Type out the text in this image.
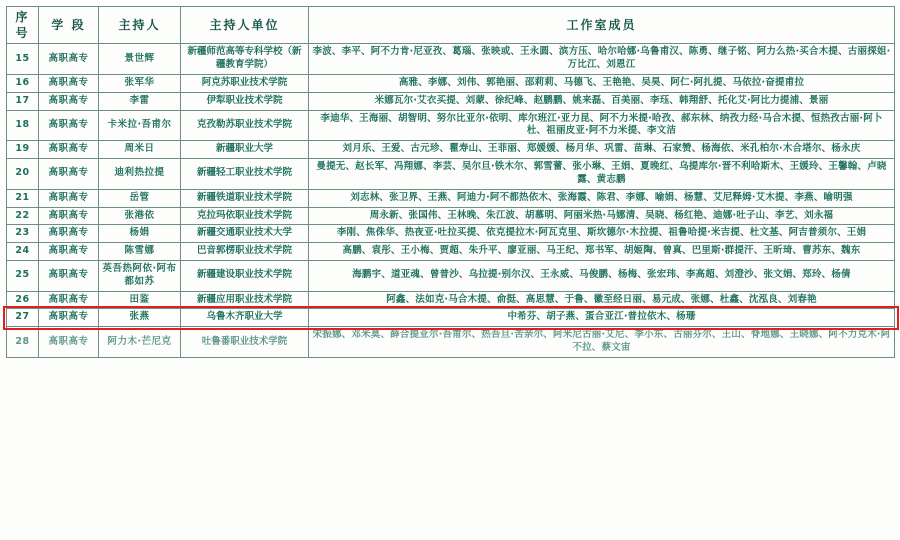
序号	学 段	主持人	主持人单位	工作室成员
15	高职高专	景世辉	新疆师范高等专科学校（新疆教育学院）	李波、李平、阿不力肯·尼亚孜、葛瑙、张映或、王永圆、滨方压、哈尔哈娜·乌鲁甫汉、陈勇、继子铭、阿力么热·买合木提、古丽探姐·万比江、刘恩江
16	高职高专	张军华	阿克苏职业技术学院	高雅、李娜、刘伟、郭艳丽、邵莉莉、马德飞、王艳艳、吴昊、阿仁·阿扎提、马依拉·奋提甫拉
17	高职高专	李雷	伊犁职业技术学院	米娜瓦尔·艾衣买提、刘蒙、徐纪峰、赵鹏鹏、姚来磊、百美丽、李珏、韩翔舒、托化艾·阿比力提浦、景丽
18	高职高专	卡米拉·吾甫尔	克孜勒苏职业技术学院	李迪华、王海丽、胡智明、努尔比亚尔·依明、库尔班江·亚力昆、阿不力米提·哈孜、郝东林、纳孜力经·马合木提、恒热孜古丽·阿卜杜、祖丽皮亚·阿不力米提、李文洁
19	高职高专	周米日	新疆职业大学	刘月乐、王爱、古元珍、瞿寿山、王菲丽、郑媛媛、杨月华、巩雷、苗琳、石家赞、杨海依、米孔柏尔·木合塔尔、杨永庆
20	高职高专	迪利热拉提	新疆轻工职业技术学院	曼提无、赵长军、冯翔娜、李芸、吴尔旦·铁木尔、郭雪蕾、张小琳、王娟、夏晚红、乌提库尔·晋不利哈斯木、王媛玲、王馨翰、卢晓露、黄志鹏
21	高职高专	岳管	新疆铁道职业技术学院	刘志林、张卫界、王燕、阿迪力·阿不都热依木、张海霞、陈君、李娜、喻娟、杨慧、艾尼释姆·艾木提、李燕、喻明强
22	高职高专	张港依	克拉玛依职业技术学院	周永新、张国伟、王林晚、朱江波、胡慕明、阿丽米热·马娜清、吴晓、杨红艳、迪娜·吐子山、李艺、刘永福
23	高职高专	杨娟	新疆交通职业技术大学	李刚、焦侏华、热夜亚·吐拉买提、依克提拉木·阿瓦克里、斯坎德尔·木拉提、祖鲁哈提·米吉提、杜文基、阿吉普须尔、王娟
24	高职高专	陈雪娜	巴音郭楞职业技术学院	高鹏、袁彤、王小梅、贾超、朱升平、廖亚丽、马王纪、郑书军、胡姬陶、曾真、巴里斯·群提汗、王昕琦、曹苏东、魏东
25	高职高专	英吾热阿依·阿布都如苏	新疆建设职业技术学院	海鹏宇、道亚魂、曾普沙、乌拉提·别尔汉、王永威、马俊鹏、杨梅、张宏玮、李高超、刘澄沙、张文娟、郑玲、杨倩
26	高职高专	田鉴	新疆应用职业技术学院	阿鑫、法如克·马合木提、俞挺、高思慧、于鲁、徽至经日丽、易元成、张娜、杜鑫、沈泓良、刘春艳
27	高职高专	张燕	乌鲁木齐职业大学	中希芬、胡子燕、蛋合亚江·普拉依木、杨珊
28	高职高专	阿力木·芒尼克	吐鲁番职业技术学院	宋振娜、邓米莫、薛合提亚尔·吾甫尔、热吾旦·苦亲尔、阿米尼古丽·艾尼、李小东、古丽芬尔、王山、脊地娜、王晓娜、阿不力克木·阿不拉、蔡文宙
